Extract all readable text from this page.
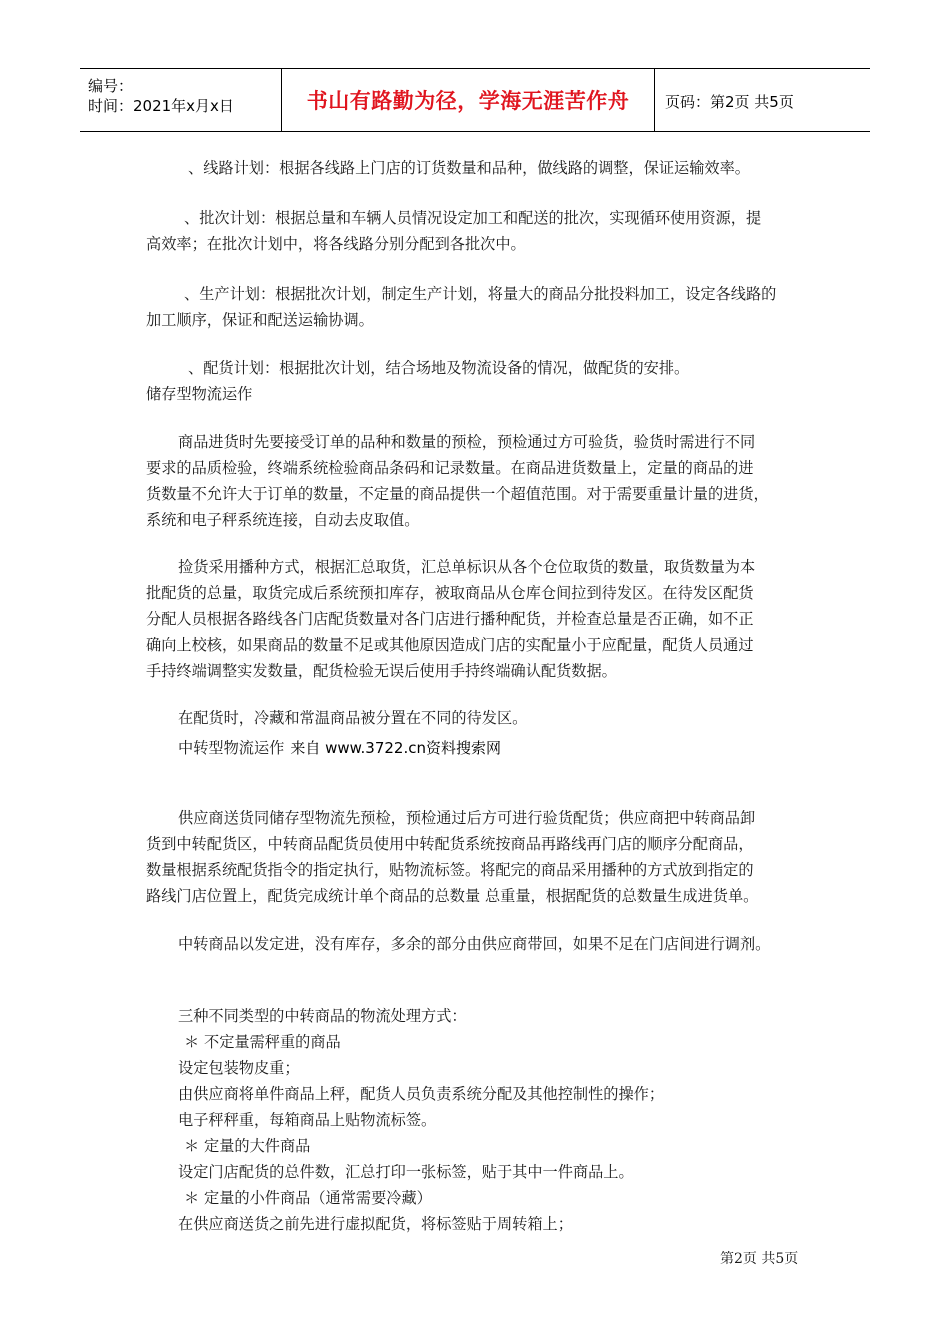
编号：
时间：2021年x月x日	书山有路勤为径，学海无涯苦作舟	页码：第2页 共5页
、线路计划：根据各线路上门店的订货数量和品种，做线路的调整，保证运输效率。
、批次计划：根据总量和车辆人员情况设定加工和配送的批次，实现循环使用资源，提
高效率；在批次计划中，将各线路分别分配到各批次中。
、生产计划：根据批次计划，制定生产计划，将量大的商品分批投料加工，设定各线路的
加工顺序，保证和配送运输协调。
、配货计划：根据批次计划，结合场地及物流设备的情况，做配货的安排。
储存型物流运作
商品进货时先要接受订单的品种和数量的预检，预检通过方可验货，验货时需进行不同
要求的品质检验，终端系统检验商品条码和记录数量。在商品进货数量上，定量的商品的进
货数量不允许大于订单的数量，不定量的商品提供一个超值范围。对于需要重量计量的进货，
系统和电子秤系统连接，自动去皮取值。
捡货采用播种方式，根据汇总取货，汇总单标识从各个仓位取货的数量，取货数量为本
批配货的总量，取货完成后系统预扣库存，被取商品从仓库仓间拉到待发区。在待发区配货
分配人员根据各路线各门店配货数量对各门店进行播种配货，并检查总量是否正确，如不正
确向上校核，如果商品的数量不足或其他原因造成门店的实配量小于应配量，配货人员通过
手持终端调整实发数量，配货检验无误后使用手持终端确认配货数据。
在配货时，冷藏和常温商品被分置在不同的待发区。
中转型物流运作 来自 www.3722.cn资料搜索网
供应商送货同储存型物流先预检，预检通过后方可进行验货配货；供应商把中转商品卸
货到中转配货区，中转商品配货员使用中转配货系统按商品再路线再门店的顺序分配商品，
数量根据系统配货指令的指定执行，贴物流标签。将配完的商品采用播种的方式放到指定的
路线门店位置上，配货完成统计单个商品的总数量 总重量，根据配货的总数量生成进货单。
中转商品以发定进，没有库存，多余的部分由供应商带回，如果不足在门店间进行调剂。
三种不同类型的中转商品的物流处理方式：
＊ 不定量需秤重的商品
设定包装物皮重；
由供应商将单件商品上秤，配货人员负责系统分配及其他控制性的操作；
电子秤秤重，每箱商品上贴物流标签。
＊ 定量的大件商品
设定门店配货的总件数，汇总打印一张标签，贴于其中一件商品上。
＊ 定量的小件商品（通常需要冷藏）
在供应商送货之前先进行虚拟配货，将标签贴于周转箱上；
第2页 共5页
